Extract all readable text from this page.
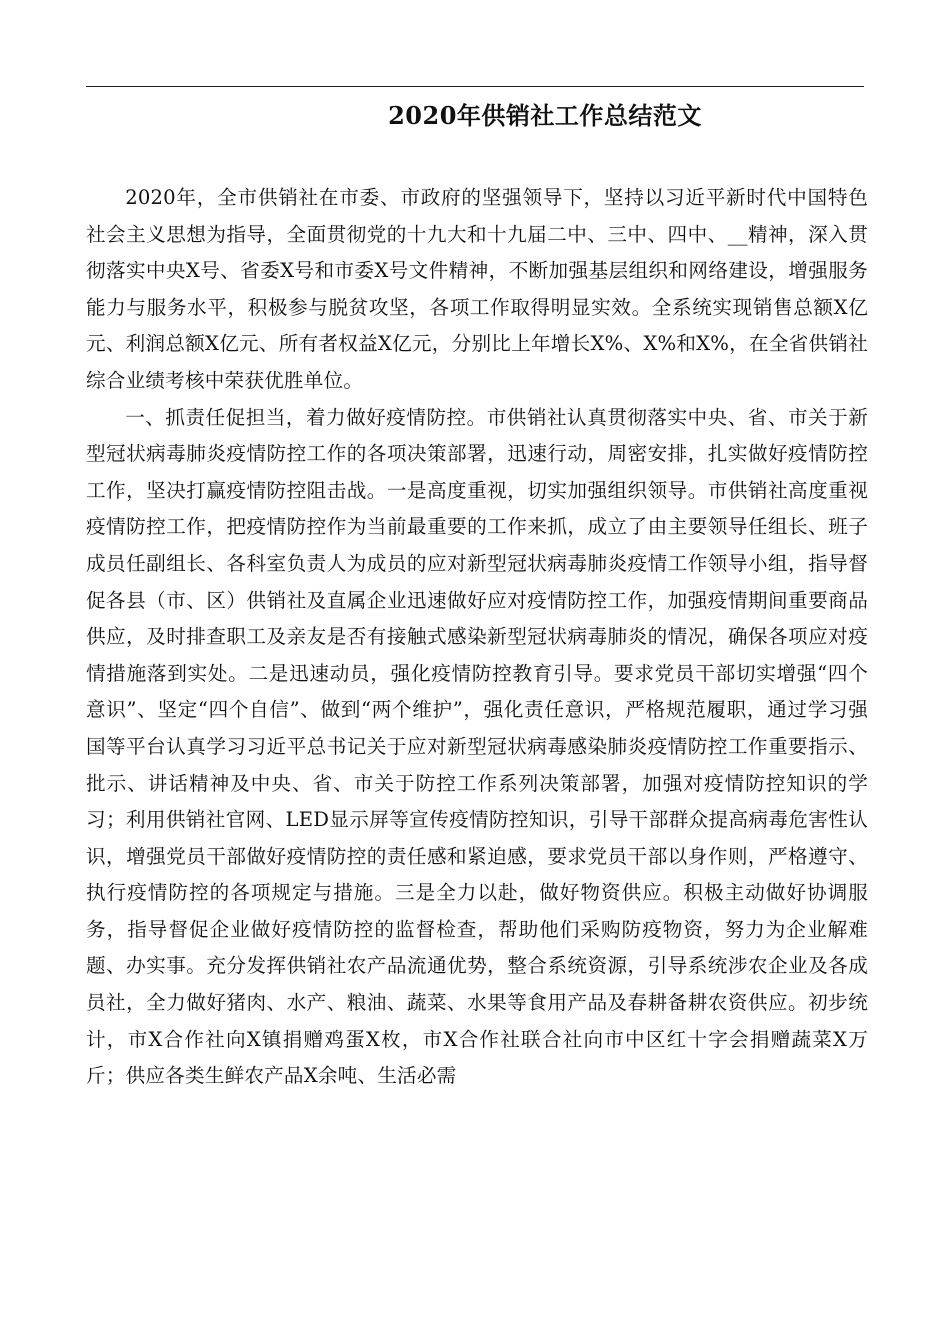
2020年供销社工作总结范文

2020年，全市供销社在市委、市政府的坚强领导下，坚持以习近平新时代中国特色社会主义思想为指导，全面贯彻党的十九大和十九届二中、三中、四中、__精神，深入贯彻落实中央X号、省委X号和市委X号文件精神，不断加强基层组织和网络建设，增强服务能力与服务水平，积极参与脱贫攻坚，各项工作取得明显实效。全系统实现销售总额X亿元、利润总额X亿元、所有者权益X亿元，分别比上年增长X%、X%和X%，在全省供销社综合业绩考核中荣获优胜单位。

一、抓责任促担当，着力做好疫情防控。市供销社认真贯彻落实中央、省、市关于新型冠状病毒肺炎疫情防控工作的各项决策部署，迅速行动，周密安排，扎实做好疫情防控工作，坚决打赢疫情防控阻击战。一是高度重视，切实加强组织领导。市供销社高度重视疫情防控工作，把疫情防控作为当前最重要的工作来抓，成立了由主要领导任组长、班子成员任副组长、各科室负责人为成员的应对新型冠状病毒肺炎疫情工作领导小组，指导督促各县（市、区）供销社及直属企业迅速做好应对疫情防控工作，加强疫情期间重要商品供应，及时排查职工及亲友是否有接触式感染新型冠状病毒肺炎的情况，确保各项应对疫情措施落到实处。二是迅速动员，强化疫情防控教育引导。要求党员干部切实增强“四个意识”、坚定“四个自信”、做到“两个维护”，强化责任意识，严格规范履职，通过学习强国等平台认真学习习近平总书记关于应对新型冠状病毒感染肺炎疫情防控工作重要指示、批示、讲话精神及中央、省、市关于防控工作系列决策部署，加强对疫情防控知识的学习；利用供销社官网、LED显示屏等宣传疫情防控知识，引导干部群众提高病毒危害性认识，增强党员干部做好疫情防控的责任感和紧迫感，要求党员干部以身作则，严格遵守、执行疫情防控的各项规定与措施。三是全力以赴，做好物资供应。积极主动做好协调服务，指导督促企业做好疫情防控的监督检查，帮助他们采购防疫物资，努力为企业解难题、办实事。充分发挥供销社农产品流通优势，整合系统资源，引导系统涉农企业及各成员社，全力做好猪肉、水产、粮油、蔬菜、水果等食用产品及春耕备耕农资供应。初步统计，市X合作社向X镇捐赠鸡蛋X枚，市X合作社联合社向市中区红十字会捐赠蔬菜X万斤；供应各类生鲜农产品X余吨、生活必需
